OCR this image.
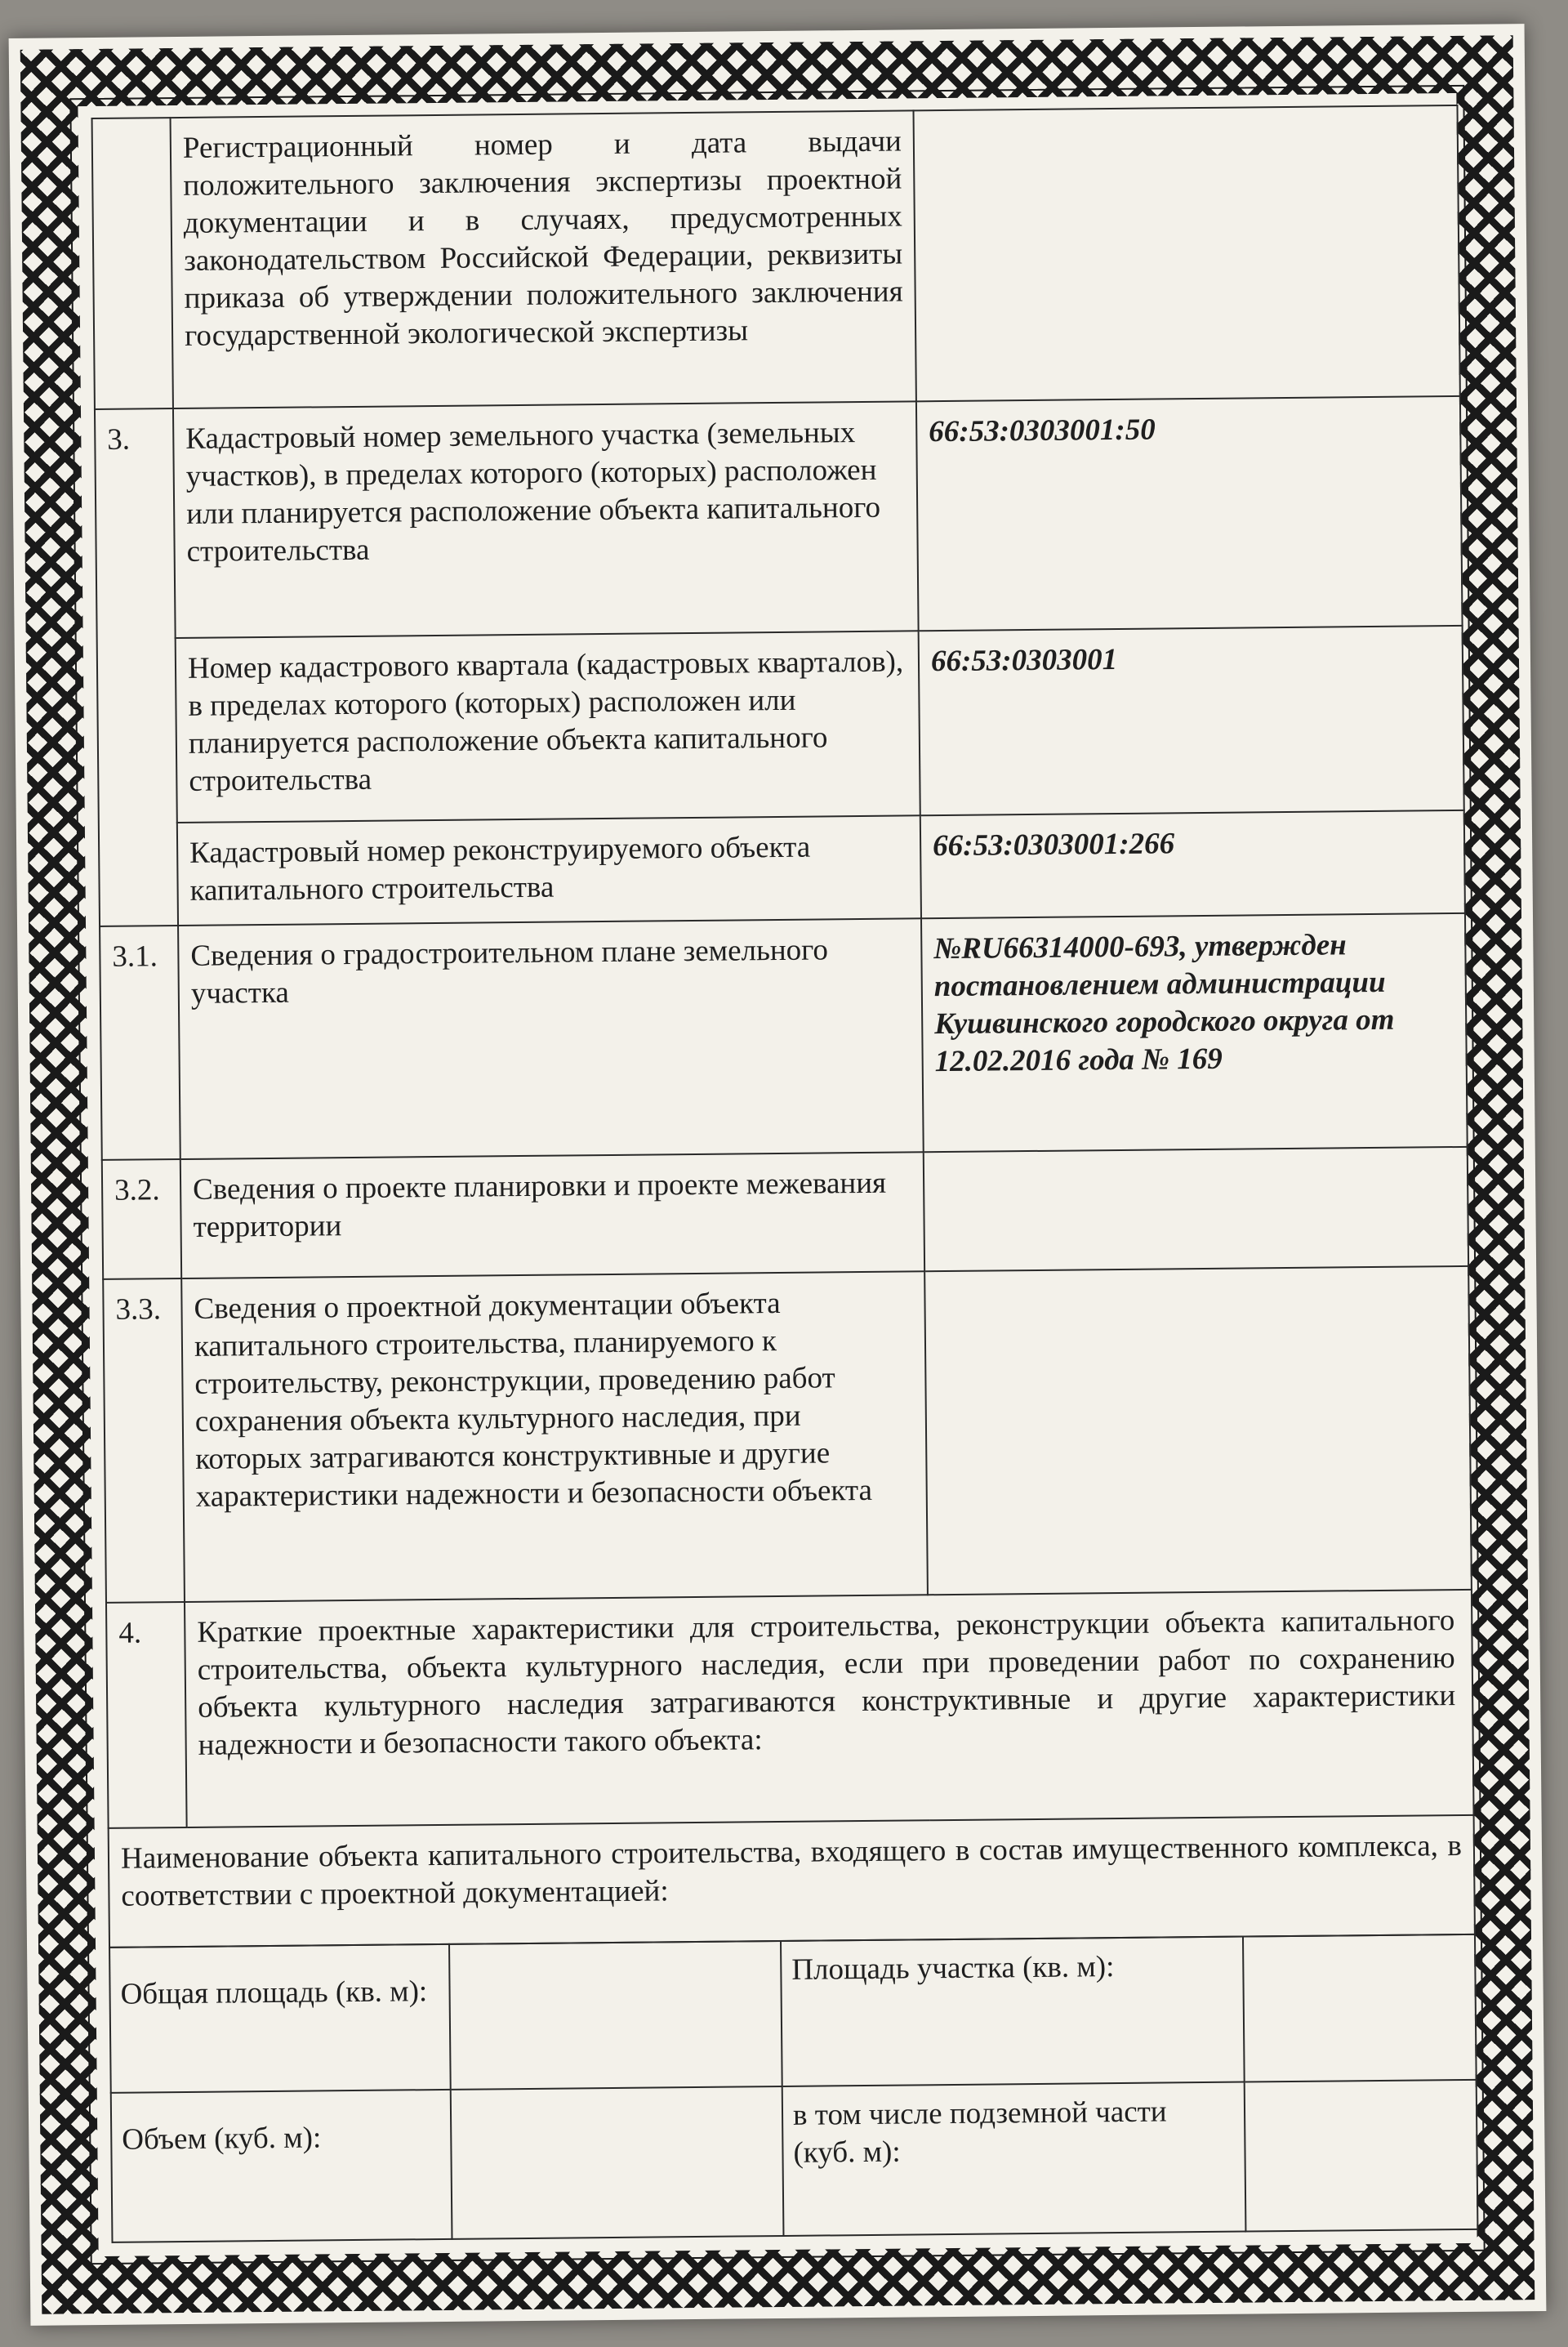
	Регистрационный номер и дата выдачи положительного заключения экспертизы проектной документации и в случаях, предусмотренных законодательством Российской Федерации, реквизиты приказа об утверждении положительного заключения государственной экологической экспертизы	
3.	Кадастровый номер земельного участка (земельных участков), в пределах которого (которых) расположен или планируется расположение объекта капитального строительства	66:53:0303001:50
	Номер кадастрового квартала (кадастровых кварталов), в пределах которого (которых) расположен или планируется расположение объекта капитального строительства	66:53:0303001
	Кадастровый номер реконструируемого объекта капитального строительства	66:53:0303001:266
3.1.	Сведения о градостроительном плане земельного участка	№RU66314000-693, утвержден постановлением администрации Кушвинского городского округа от 12.02.2016 года № 169
3.2.	Сведения о проекте планировки и проекте межевания территории	
3.3.	Сведения о проектной документации объекта капитального строительства, планируемого к строительству, реконструкции, проведению работ сохранения объекта культурного наследия, при которых затрагиваются конструктивные и другие характеристики надежности и безопасности объекта	
4.	Краткие проектные характеристики для строительства, реконструкции объекта капитального строительства, объекта культурного наследия, если при проведении работ по сохранению объекта культурного наследия затрагиваются конструктивные и другие характеристики надежности и безопасности такого объекта:	
Наименование объекта капитального строительства, входящего в состав имущественного комплекса, в соответствии с проектной документацией:		
Общая площадь (кв. м):		Площадь участка (кв. м):	
Объем (куб. м):		в том числе подземной части (куб. м):	
